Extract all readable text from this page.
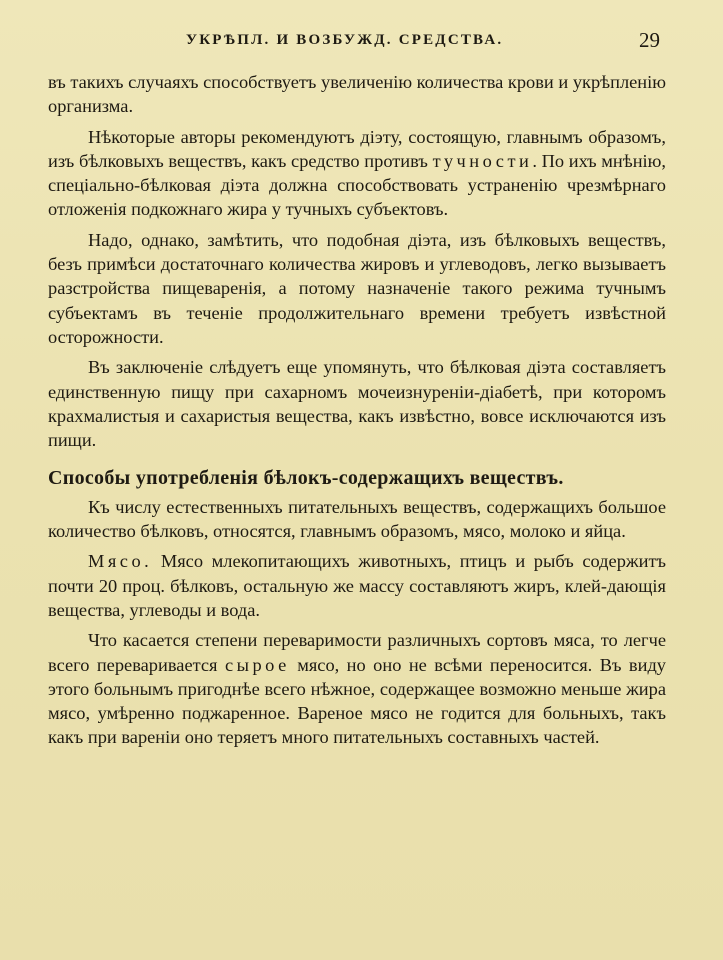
УКРѢПЛ. И ВОЗБУЖД. СРЕДСТВА.	29

въ такихъ случаяхъ способствуетъ увеличенію количества крови и укрѣпленію организма.

Нѣкоторые авторы рекомендуютъ діэту, состоящую, главнымъ образомъ, изъ бѣлковыхъ веществъ, какъ средство противъ тучности. По ихъ мнѣнію, спеціально-бѣлковая діэта должна способствовать устраненію чрезмѣрнаго отложенія подкожнаго жира у тучныхъ субъектовъ.

Надо, однако, замѣтить, что подобная діэта, изъ бѣлковыхъ веществъ, безъ примѣси достаточнаго количества жировъ и углеводовъ, легко вызываетъ разстройства пищеваренія, а потому назначеніе такого режима тучнымъ субъектамъ въ теченіе продолжительнаго времени требуетъ извѣстной осторожности.

Въ заключеніе слѣдуетъ еще упомянуть, что бѣлковая діэта составляетъ единственную пищу при сахарномъ мочеизнуреніи-діабетѣ, при которомъ крахмалистыя и сахаристыя вещества, какъ извѣстно, вовсе исключаются изъ пищи.

Способы употребленія бѣлокъ-содержащихъ веществъ.

Къ числу естественныхъ питательныхъ веществъ, содержащихъ большое количество бѣлковъ, относятся, главнымъ образомъ, мясо, молоко и яйца.

Мясо. Мясо млекопитающихъ животныхъ, птицъ и рыбъ содержитъ почти 20 проц. бѣлковъ, остальную же массу составляютъ жиръ, клей-дающія вещества, углеводы и вода.

Что касается степени переваримости различныхъ сортовъ мяса, то легче всего переваривается сырое мясо, но оно не всѣми переносится. Въ виду этого больнымъ пригоднѣе всего нѣжное, содержащее возможно меньше жира мясо, умѣренно поджаренное. Вареное мясо не годится для больныхъ, такъ какъ при вареніи оно теряетъ много питательныхъ составныхъ частей.
